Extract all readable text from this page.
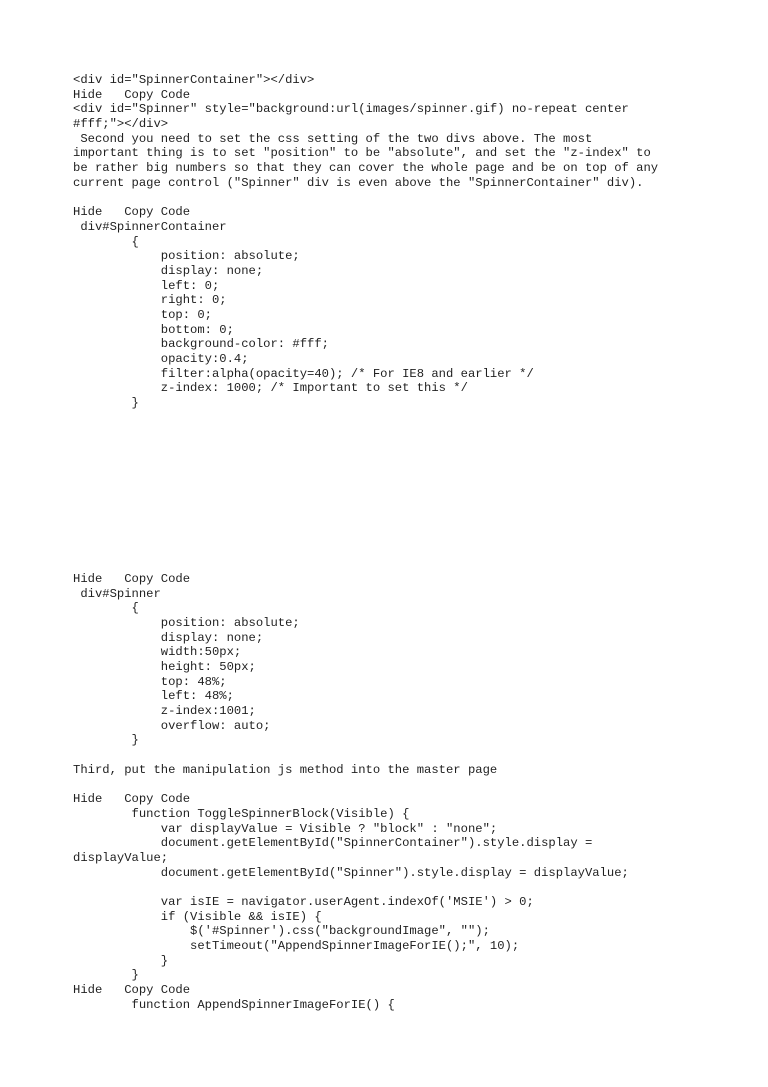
<div id="SpinnerContainer"></div>
Hide Copy Code
<div id="Spinner" style="background:url(images/spinner.gif) no-repeat center
#fff;"></div>
Second you need to set the css setting of the two divs above. The most
important thing is to set "position" to be "absolute", and set the "z-index" to
be rather big numbers so that they can cover the whole page and be on top of any
current page control ("Spinner" div is even above the "SpinnerContainer" div).
Hide Copy Code
div#SpinnerContainer
{
position: absolute;
display: none;
left: 0;
right: 0;
top: 0;
bottom: 0;
background-color: #fff;
opacity:0.4;
filter:alpha(opacity=40); /* For IE8 and earlier */
z-index: 1000; /* Important to set this */
}
Hide Copy Code
div#Spinner
{
position: absolute;
display: none;
width:50px;
height: 50px;
top: 48%;
left: 48%;
z-index:1001;
overflow: auto;
}
Third, put the manipulation js method into the master page
Hide Copy Code
function ToggleSpinnerBlock(Visible) {
var displayValue = Visible ? "block" : "none";
document.getElementById("SpinnerContainer").style.display =
displayValue;
document.getElementById("Spinner").style.display = displayValue;
var isIE = navigator.userAgent.indexOf('MSIE') > 0;
if (Visible && isIE) {
$('#Spinner').css("backgroundImage", "");
setTimeout("AppendSpinnerImageForIE();", 10);
}
}
Hide Copy Code
function AppendSpinnerImageForIE() {
